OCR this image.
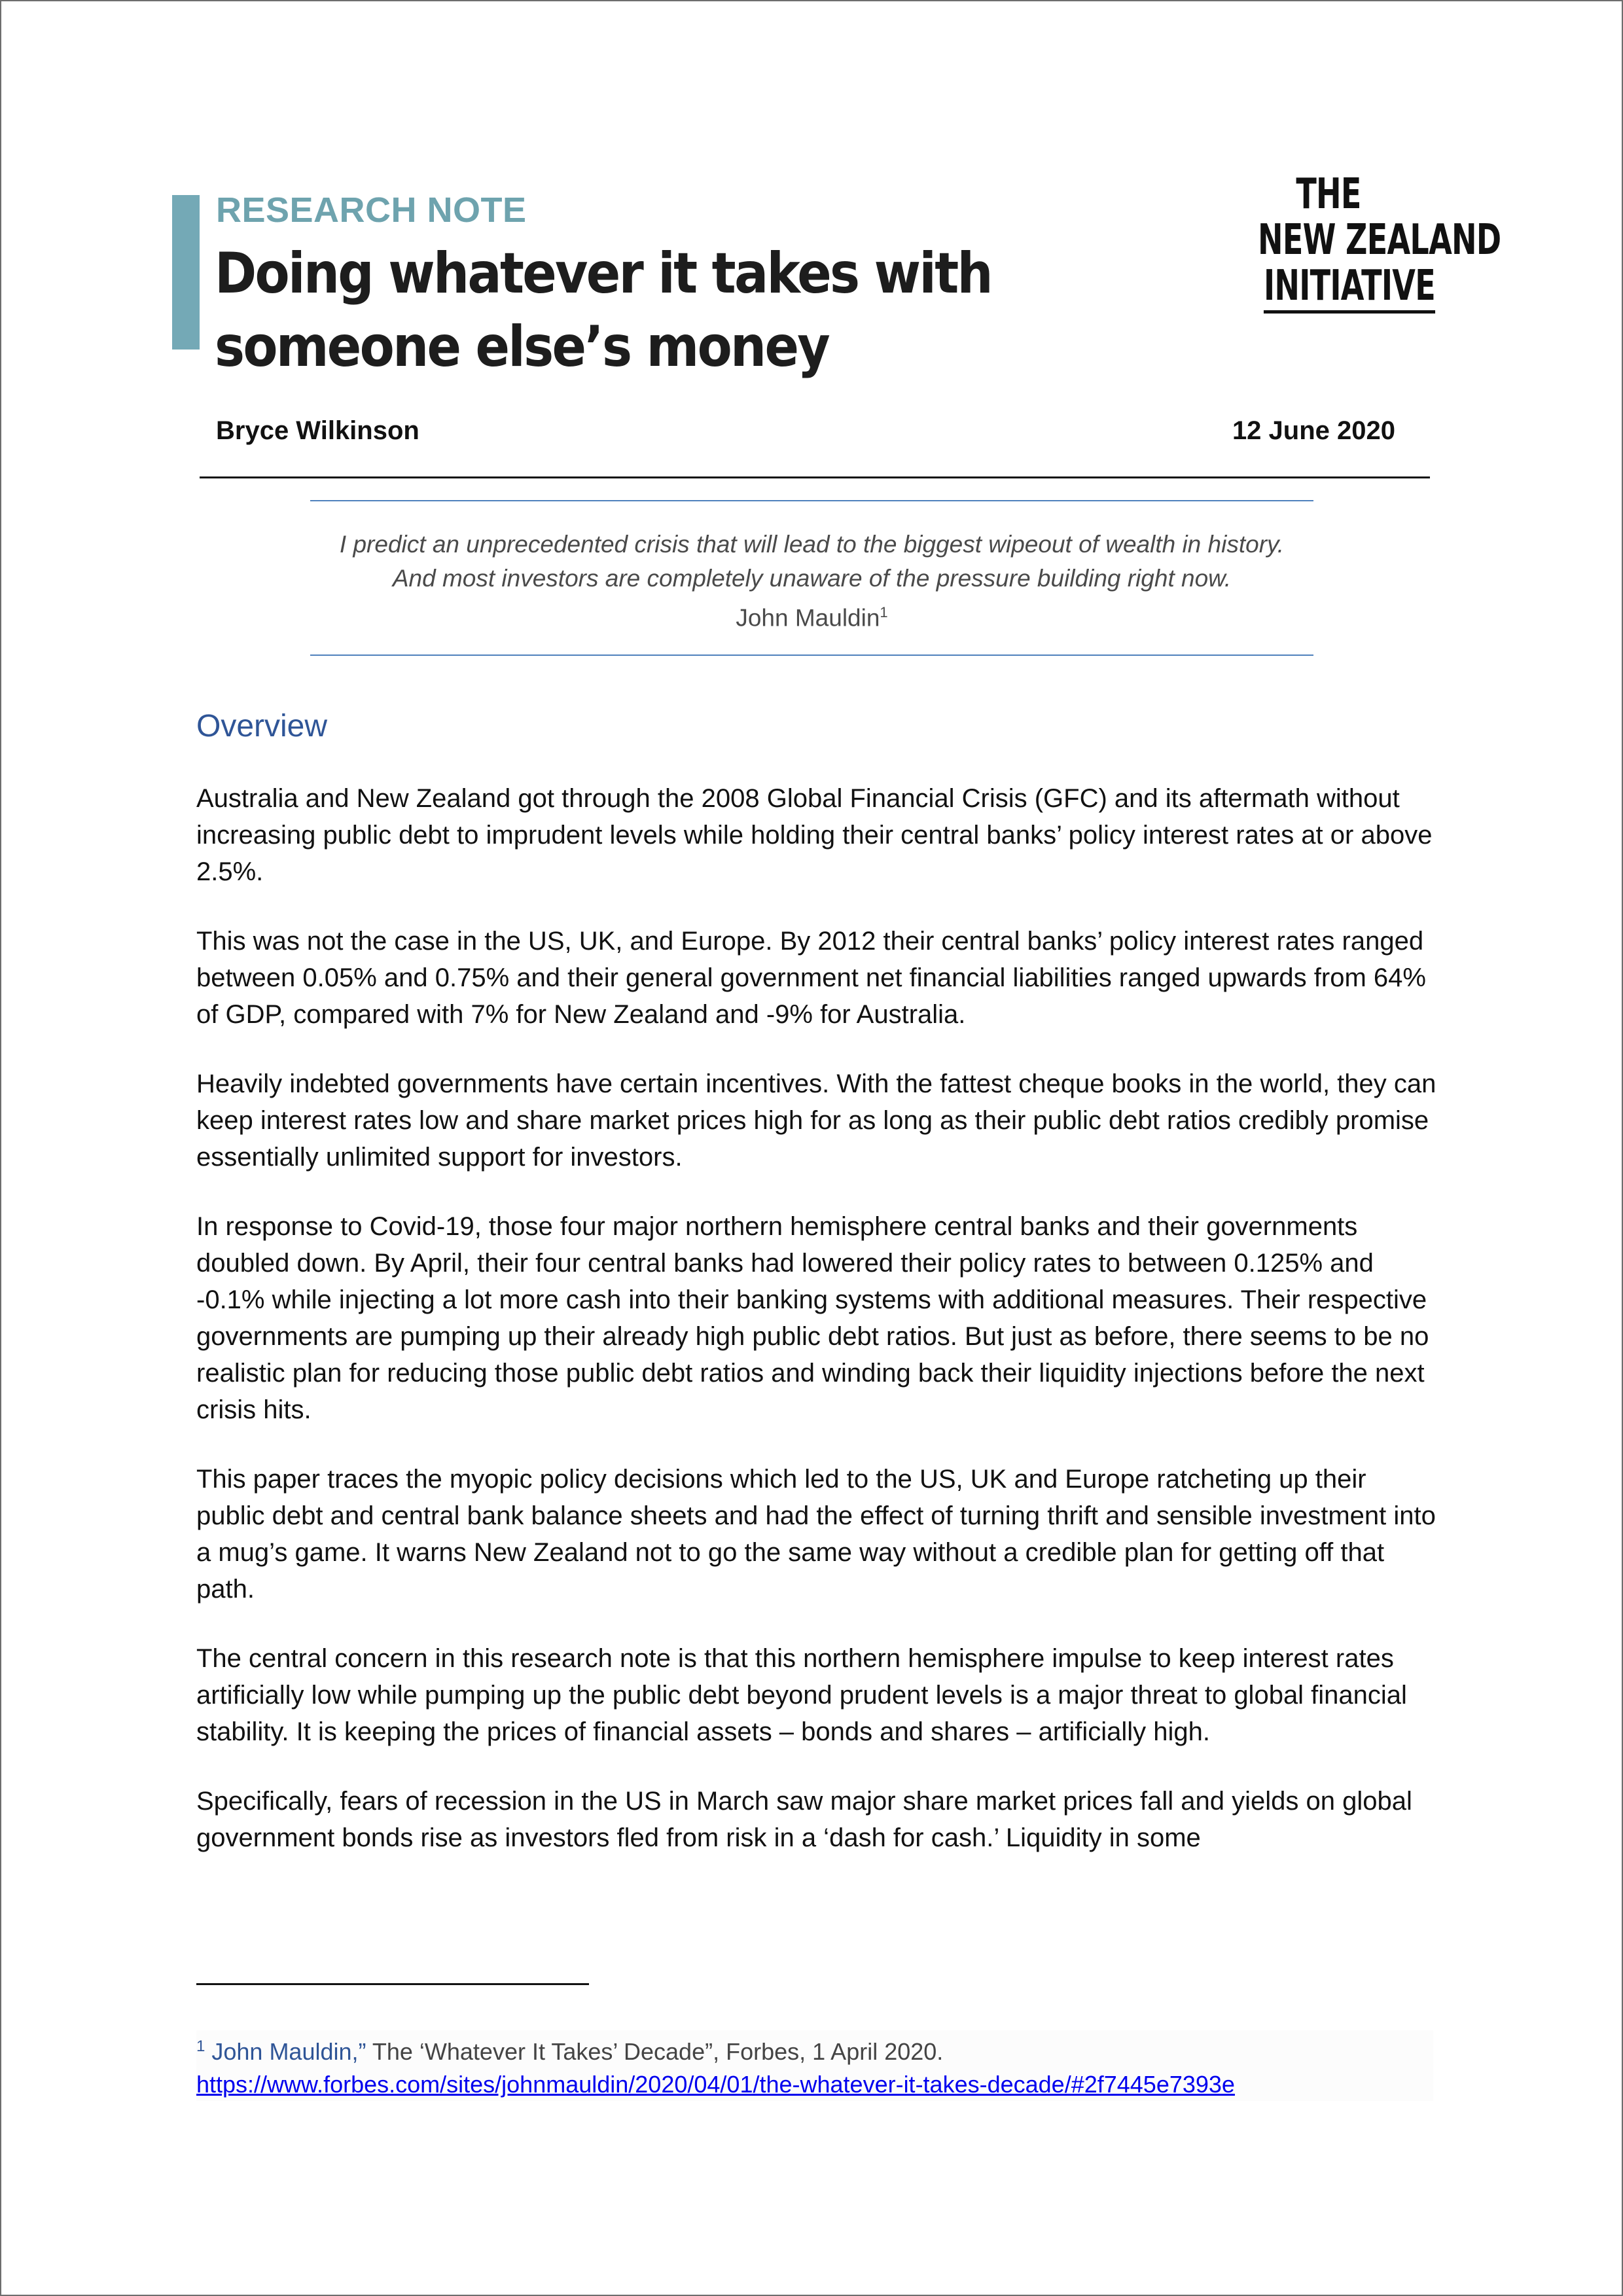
RESEARCH NOTE
Doing whatever it takes with someone else’s money
THE
NEW ZEALAND
INITIATIVE
Bryce Wilkinson	12 June 2020
I predict an unprecedented crisis that will lead to the biggest wipeout of wealth in history.
And most investors are completely unaware of the pressure building right now.
John Mauldin$^1$
Overview

Australia and New Zealand got through the 2008 Global Financial Crisis (GFC) and its aftermath without increasing public debt to imprudent levels while holding their central banks’ policy interest rates at or above 2.5%.

This was not the case in the US, UK, and Europe. By 2012 their central banks’ policy interest rates ranged between 0.05% and 0.75% and their general government net financial liabilities ranged upwards from 64% of GDP, compared with 7% for New Zealand and -9% for Australia.

Heavily indebted governments have certain incentives. With the fattest cheque books in the world, they can keep interest rates low and share market prices high for as long as their public debt ratios credibly promise essentially unlimited support for investors.

In response to Covid-19, those four major northern hemisphere central banks and their governments doubled down. By April, their four central banks had lowered their policy rates to between 0.125% and -0.1% while injecting a lot more cash into their banking systems with additional measures. Their respective governments are pumping up their already high public debt ratios. But just as before, there seems to be no realistic plan for reducing those public debt ratios and winding back their liquidity injections before the next crisis hits.

This paper traces the myopic policy decisions which led to the US, UK and Europe ratcheting up their public debt and central bank balance sheets and had the effect of turning thrift and sensible investment into a mug’s game. It warns New Zealand not to go the same way without a credible plan for getting off that path.

The central concern in this research note is that this northern hemisphere impulse to keep interest rates artificially low while pumping up the public debt beyond prudent levels is a major threat to global financial stability. It is keeping the prices of financial assets – bonds and shares – artificially high.

Specifically, fears of recession in the US in March saw major share market prices fall and yields on global government bonds rise as investors fled from risk in a ‘dash for cash.’ Liquidity in some

$^1$ John Mauldin,” The ‘Whatever It Takes’ Decade”, Forbes, 1 April 2020.
https://www.forbes.com/sites/johnmauldin/2020/04/01/the-whatever-it-takes-decade/#2f7445e7393e
